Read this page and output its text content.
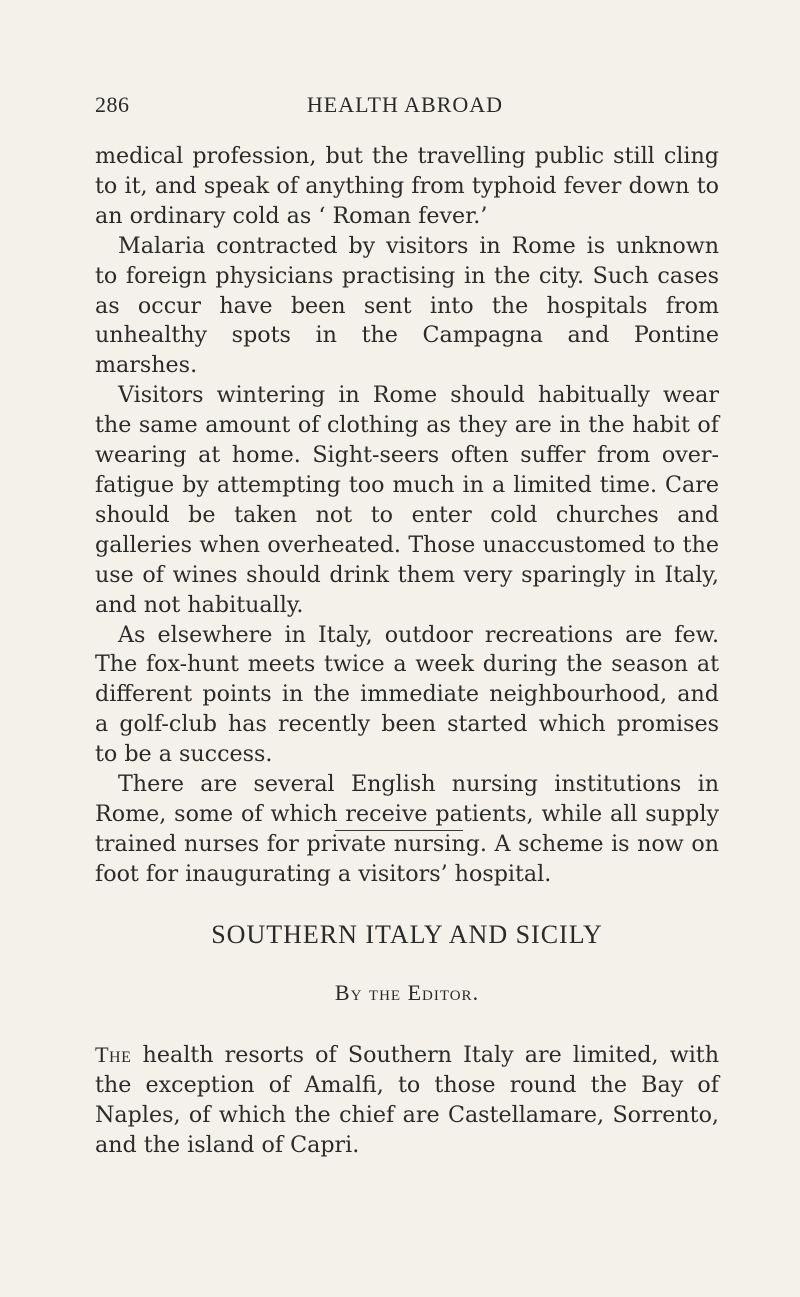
286	HEALTH ABROAD

medical profession, but the travelling public still cling to it, and speak of anything from typhoid fever down to an ordinary cold as ‘ Roman fever.’

Malaria contracted by visitors in Rome is unknown to foreign physicians practising in the city. Such cases as occur have been sent into the hospitals from unhealthy spots in the Campagna and Pontine marshes.

Visitors wintering in Rome should habitually wear the same amount of clothing as they are in the habit of wearing at home. Sight-seers often suffer from over-fatigue by attempting too much in a limited time. Care should be taken not to enter cold churches and galleries when overheated. Those unaccustomed to the use of wines should drink them very sparingly in Italy, and not habitually.

As elsewhere in Italy, outdoor recreations are few. The fox-hunt meets twice a week during the season at different points in the immediate neighbourhood, and a golf-club has recently been started which promises to be a success.

There are several English nursing institutions in Rome, some of which receive patients, while all supply trained nurses for private nursing. A scheme is now on foot for inaugurating a visitors’ hospital.

SOUTHERN ITALY AND SICILY
By the Editor.

The health resorts of Southern Italy are limited, with the exception of Amalfi, to those round the Bay of Naples, of which the chief are Castellamare, Sorrento, and the island of Capri.
